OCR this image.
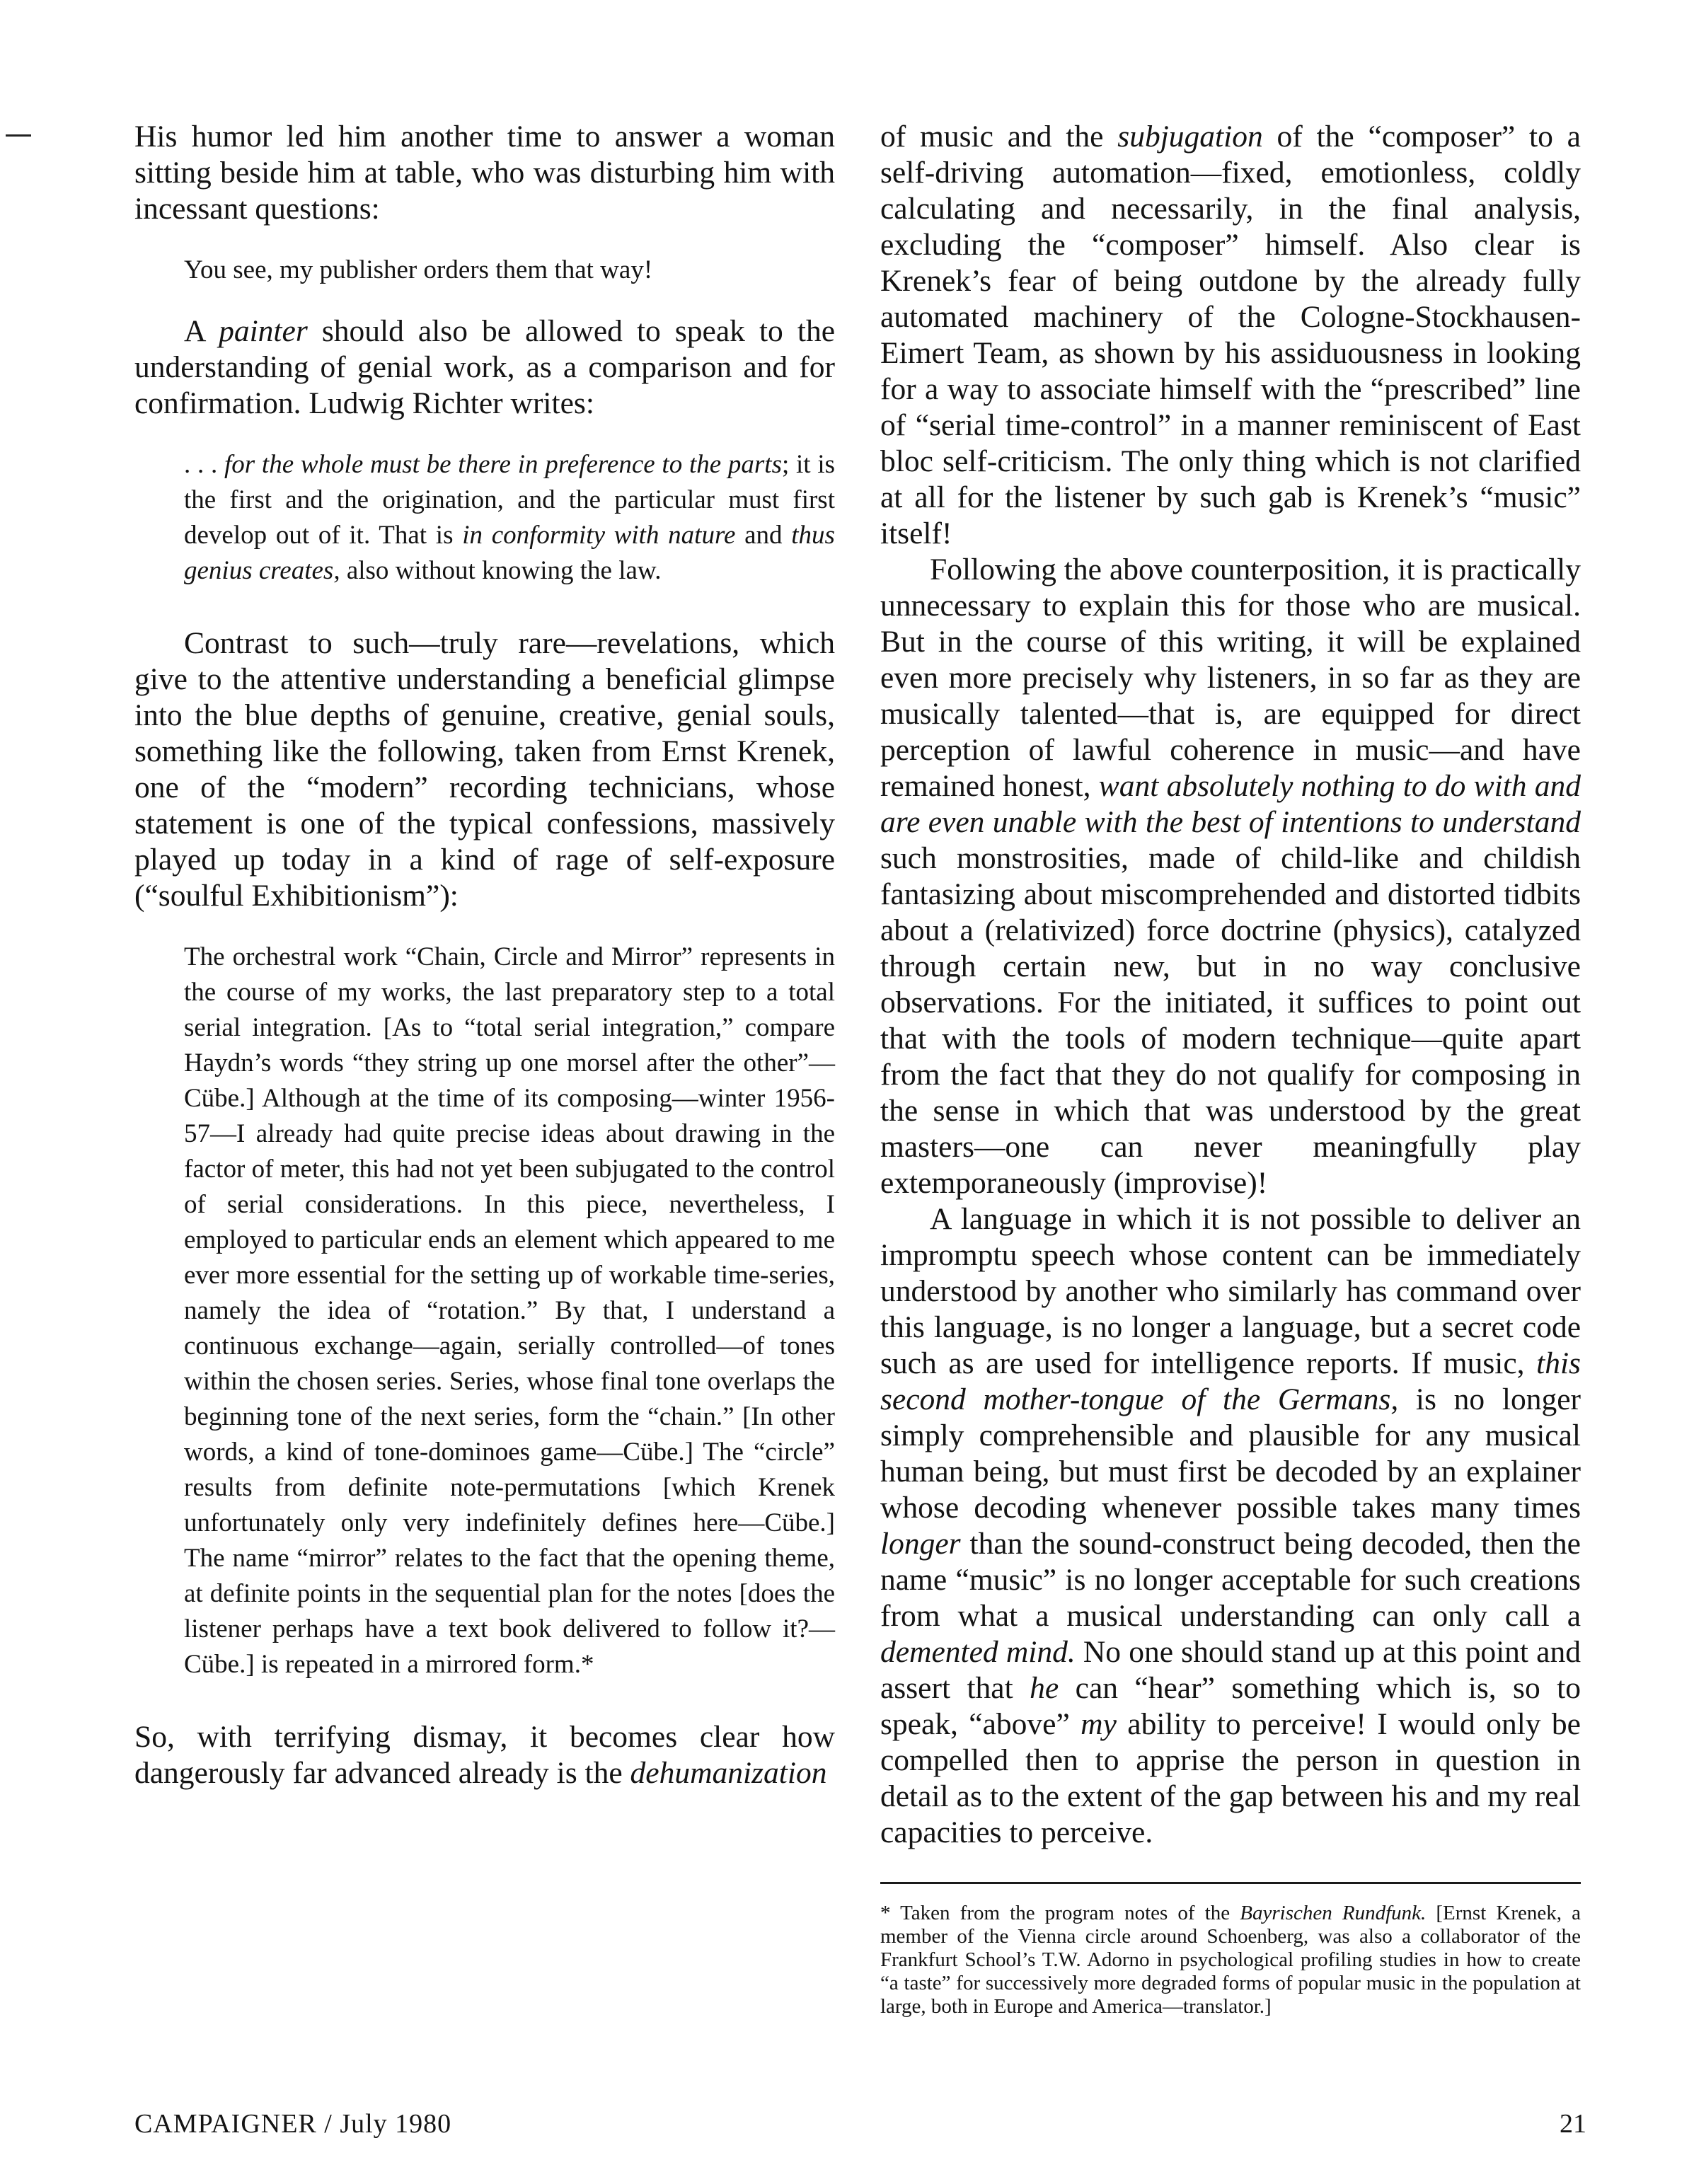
His humor led him another time to answer a woman sitting beside him at table, who was disturbing him with incessant questions:

You see, my publisher orders them that way!

A painter should also be allowed to speak to the understanding of genial work, as a comparison and for confirmation. Ludwig Richter writes:

. . . for the whole must be there in preference to the parts; it is the first and the origination, and the particular must first develop out of it. That is in conformity with nature and thus genius creates, also without knowing the law.

Contrast to such—truly rare—revelations, which give to the attentive understanding a beneficial glimpse into the blue depths of genuine, creative, genial souls, something like the following, taken from Ernst Krenek, one of the “modern” recording technicians, whose statement is one of the typical confessions, massively played up today in a kind of rage of self-exposure (“soulful Exhibitionism”):

The orchestral work “Chain, Circle and Mirror” represents in the course of my works, the last preparatory step to a total serial integration. [As to “total serial integration,” compare Haydn’s words “they string up one morsel after the other”—Cübe.] Although at the time of its composing—winter 1956-57—I already had quite precise ideas about drawing in the factor of meter, this had not yet been subjugated to the control of serial considerations. In this piece, nevertheless, I employed to particular ends an element which appeared to me ever more essential for the setting up of workable time-series, namely the idea of “rotation.” By that, I understand a continuous exchange—again, serially controlled—of tones within the chosen series. Series, whose final tone overlaps the beginning tone of the next series, form the “chain.” [In other words, a kind of tone-dominoes game—Cübe.] The “circle” results from definite note-permutations [which Krenek unfortunately only very indefinitely defines here—Cübe.] The name “mirror” relates to the fact that the opening theme, at definite points in the sequential plan for the notes [does the listener perhaps have a text book delivered to follow it?—Cübe.] is repeated in a mirrored form.*

So, with terrifying dismay, it becomes clear how dangerously far advanced already is the dehumanization

of music and the subjugation of the “composer” to a self-driving automation—fixed, emotionless, coldly calculating and necessarily, in the final analysis, excluding the “composer” himself. Also clear is Krenek’s fear of being outdone by the already fully automated machinery of the Cologne-Stockhausen-Eimert Team, as shown by his assiduousness in looking for a way to associate himself with the “prescribed” line of “serial time-control” in a manner reminiscent of East bloc self-criticism. The only thing which is not clarified at all for the listener by such gab is Krenek’s “music” itself!

Following the above counterposition, it is practically unnecessary to explain this for those who are musical. But in the course of this writing, it will be explained even more precisely why listeners, in so far as they are musically talented—that is, are equipped for direct perception of lawful coherence in music—and have remained honest, want absolutely nothing to do with and are even unable with the best of intentions to understand such monstrosities, made of child-like and childish fantasizing about miscomprehended and distorted tidbits about a (relativized) force doctrine (physics), catalyzed through certain new, but in no way conclusive observations. For the initiated, it suffices to point out that with the tools of modern technique—quite apart from the fact that they do not qualify for composing in the sense in which that was understood by the great masters—one can never meaningfully play extemporaneously (improvise)!

A language in which it is not possible to deliver an impromptu speech whose content can be immediately understood by another who similarly has command over this language, is no longer a language, but a secret code such as are used for intelligence reports. If music, this second mother-tongue of the Germans, is no longer simply comprehensible and plausible for any musical human being, but must first be decoded by an explainer whose decoding whenever possible takes many times longer than the sound-construct being decoded, then the name “music” is no longer acceptable for such creations from what a musical understanding can only call a demented mind. No one should stand up at this point and assert that he can “hear” something which is, so to speak, “above” my ability to perceive! I would only be compelled then to apprise the person in question in detail as to the extent of the gap between his and my real capacities to perceive.

* Taken from the program notes of the Bayrischen Rundfunk. [Ernst Krenek, a member of the Vienna circle around Schoenberg, was also a collaborator of the Frankfurt School’s T.W. Adorno in psychological profiling studies in how to create “a taste” for successively more degraded forms of popular music in the population at large, both in Europe and America—translator.]

CAMPAIGNER / July 1980	21
